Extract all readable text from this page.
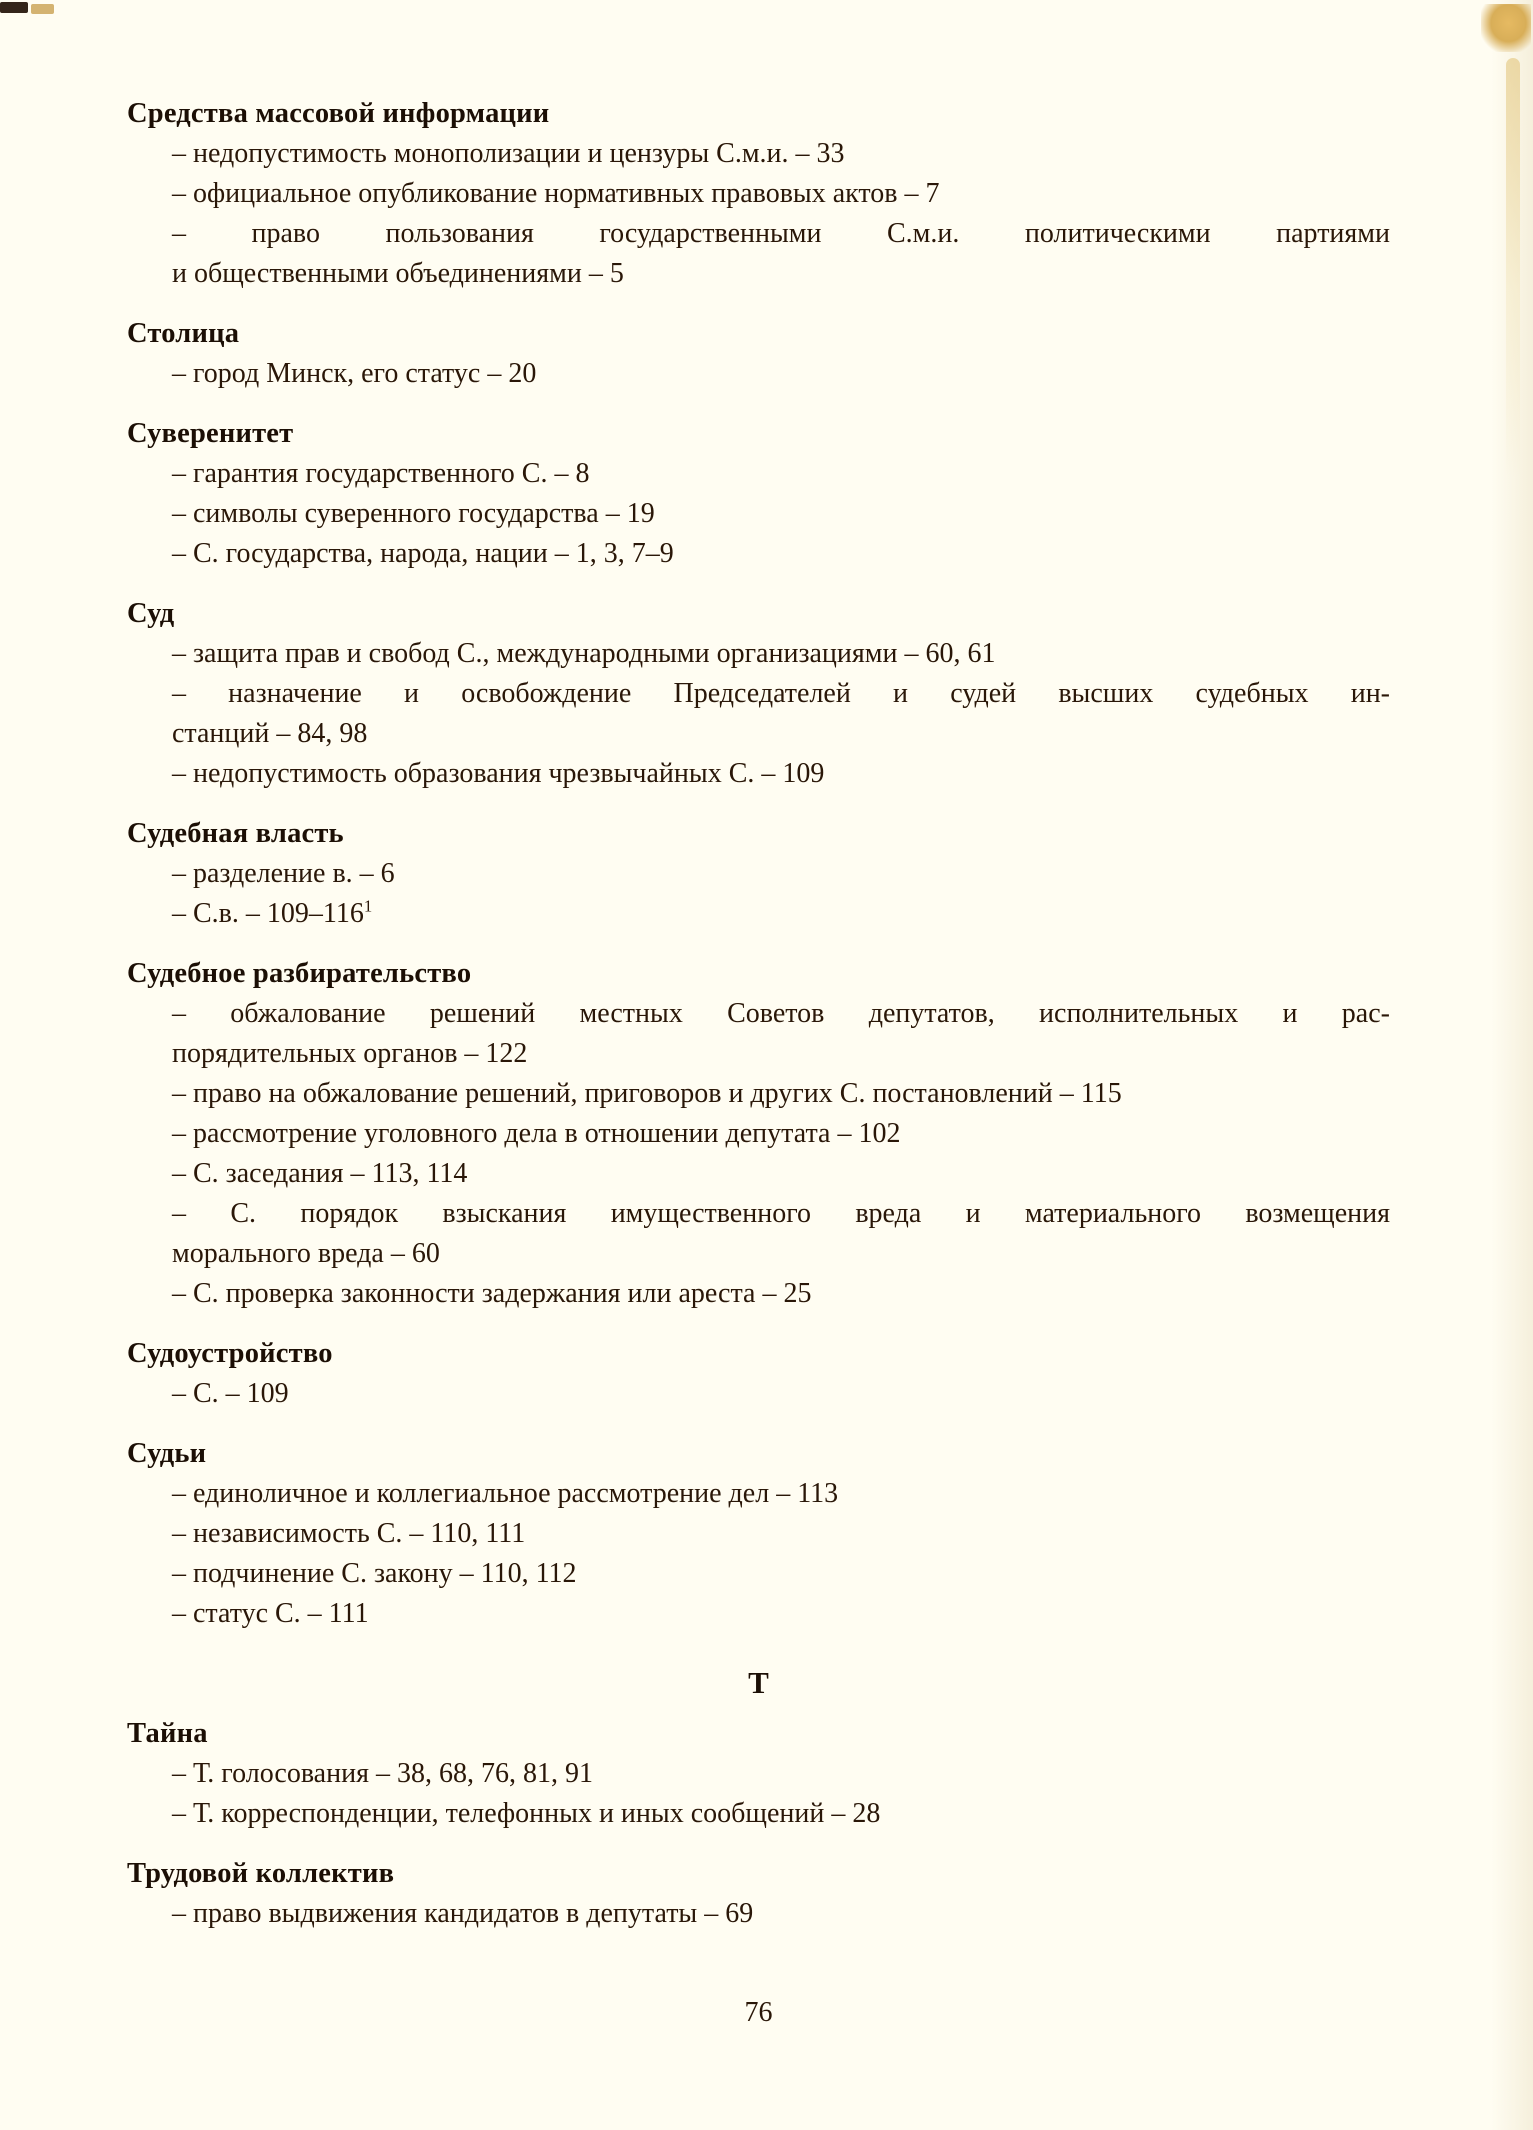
Средства массовой информации

– недопустимость монополизации и цензуры С.м.и. – 33

– официальное опубликование нормативных правовых актов – 7

– право пользования государственными С.м.и. политическими партиями
и общественными объединениями – 5

Столица

– город Минск, его статус – 20

Суверенитет

– гарантия государственного С. – 8

– символы суверенного государства – 19

– С. государства, народа, нации – 1, 3, 7–9

Суд

– защита прав и свобод С., международными организациями – 60, 61

– назначение и освобождение Председателей и судей высших судебных ин-
станций – 84, 98

– недопустимость образования чрезвычайных С. – 109

Судебная власть

– разделение в. – 6

– С.в. – $109-116^1$

Судебное разбирательство

– обжалование решений местных Советов депутатов, исполнительных и рас-
порядительных органов – 122

– право на обжалование решений, приговоров и других С. постановлений – 115

– рассмотрение уголовного дела в отношении депутата – 102

– С. заседания – 113, 114

– С. порядок взыскания имущественного вреда и материального возмещения
морального вреда – 60

– С. проверка законности задержания или ареста – 25

Судоустройство

– С. – 109

Судьи

– единоличное и коллегиальное рассмотрение дел – 113

– независимость С. – 110, 111

– подчинение С. закону – 110, 112

– статус С. – 111

Т
Тайна

– Т. голосования – 38, 68, 76, 81, 91

– Т. корреспонденции, телефонных и иных сообщений – 28

Трудовой коллектив

– право выдвижения кандидатов в депутаты – 69

76
